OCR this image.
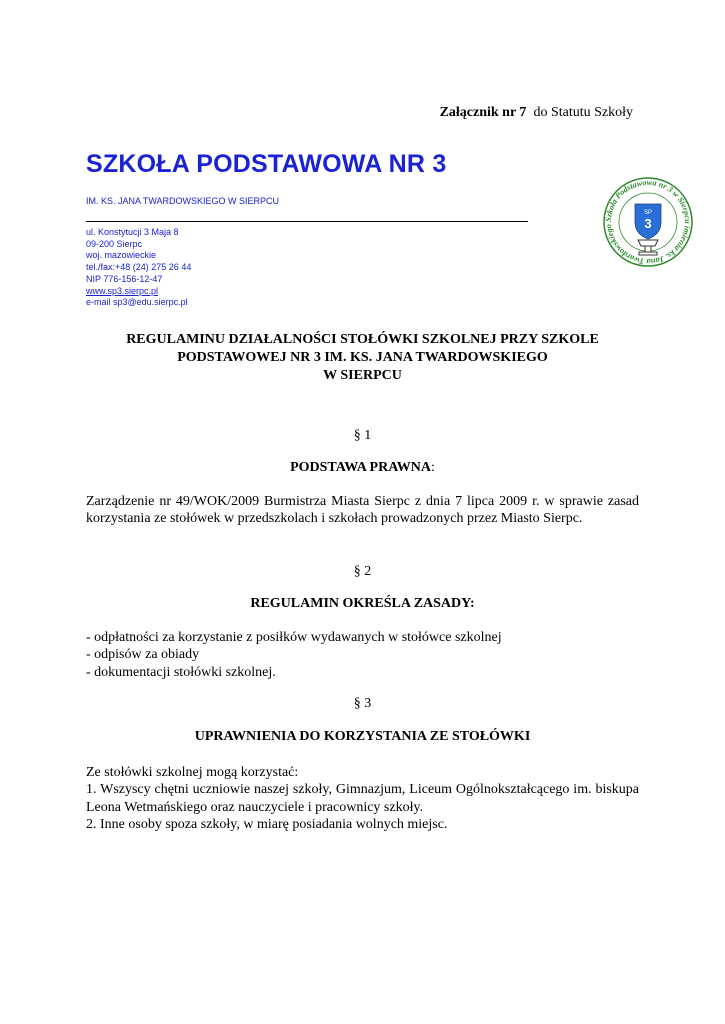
Załącznik nr 7 do Statutu Szkoły
SZKOŁA PODSTAWOWA NR 3
IM. KS. JANA TWARDOWSKIEGO W SIERPCU
ul. Konstytucji 3 Maja 8
09-200 Sierpc
woj. mazowieckie
tel./fax:+48 (24) 275 26 44
NIP 776-156-12-47
www.sp3.sierpc.pl
e-mail sp3@edu.sierpc.pl
Szkoła Podstawowa nr 3 w Sierpcu imienia ks. Jana Twardowskiego
SP
3
REGULAMINU DZIAŁALNOŚCI STOŁÓWKI SZKOLNEJ PRZY SZKOLE
PODSTAWOWEJ NR 3 IM. KS. JANA TWARDOWSKIEGO
W SIERPCU
§ 1
PODSTAWA PRAWNA:
Zarządzenie nr 49/WOK/2009 Burmistrza Miasta Sierpc z dnia 7 lipca 2009 r. w sprawie zasad korzystania ze stołówek w przedszkolach i szkołach prowadzonych przez Miasto Sierpc.
§ 2
REGULAMIN OKREŚLA ZASADY:
- odpłatności za korzystanie z posiłków wydawanych w stołówce szkolnej
- odpisów za obiady
- dokumentacji stołówki szkolnej.
§ 3
UPRAWNIENIA DO KORZYSTANIA ZE STOŁÓWKI
Ze stołówki szkolnej mogą korzystać:
1. Wszyscy chętni uczniowie naszej szkoły, Gimnazjum, Liceum Ogólnokształcącego im. biskupa Leona Wetmańskiego oraz nauczyciele i pracownicy szkoły.
2. Inne osoby spoza szkoły, w miarę posiadania wolnych miejsc.
